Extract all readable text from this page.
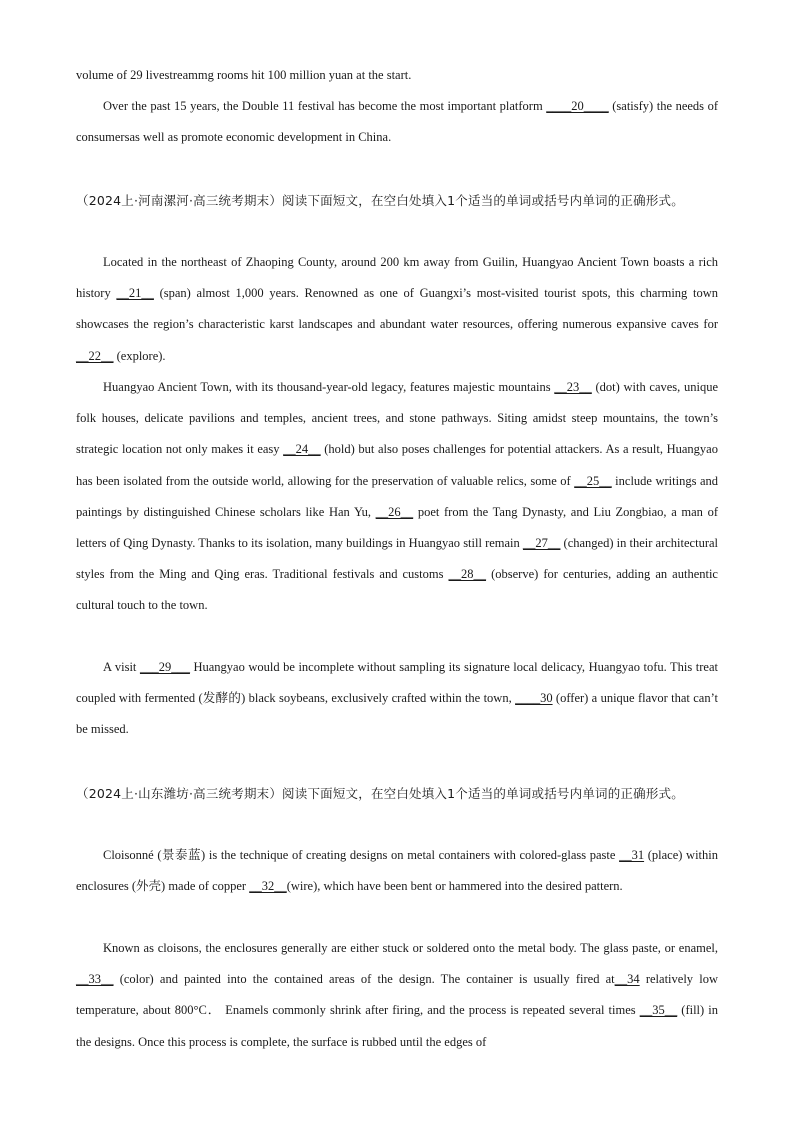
volume of 29 livestreammg rooms hit 100 million yuan at the start.
Over the past 15 years, the Double 11 festival has become the most important platform ____20____ (satisfy) the needs of consumersas well as promote economic development in China.
（2024上·河南漯河·高三统考期末）阅读下面短文，在空白处填入1个适当的单词或括号内单词的正确形式。
Located in the northeast of Zhaoping County, around 200 km away from Guilin, Huangyao Ancient Town boasts a rich history __21__ (span) almost 1,000 years. Renowned as one of Guangxi’s most-visited tourist spots, this charming town showcases the region’s characteristic karst landscapes and abundant water resources, offering numerous expansive caves for __22__ (explore).
Huangyao Ancient Town, with its thousand-year-old legacy, features majestic mountains __23__ (dot) with caves, unique folk houses, delicate pavilions and temples, ancient trees, and stone pathways. Siting amidst steep mountains, the town’s strategic location not only makes it easy __24__ (hold) but also poses challenges for potential attackers. As a result, Huangyao has been isolated from the outside world, allowing for the preservation of valuable relics, some of __25__ include writings and paintings by distinguished Chinese scholars like Han Yu, __26__ poet from the Tang Dynasty, and Liu Zongbiao, a man of letters of Qing Dynasty. Thanks to its isolation, many buildings in Huangyao still remain __27__ (changed) in their architectural styles from the Ming and Qing eras. Traditional festivals and customs __28__ (observe) for centuries, adding an authentic cultural touch to the town.
A visit ___29___ Huangyao would be incomplete without sampling its signature local delicacy, Huangyao tofu. This treat coupled with fermented (发酵的) black soybeans, exclusively crafted within the town, ____30 (offer) a unique flavor that can’t be missed.
（2024上·山东潍坊·高三统考期末）阅读下面短文，在空白处填入1个适当的单词或括号内单词的正确形式。
Cloisonné (景泰蓝) is the technique of creating designs on metal containers with colored-glass paste __31 (place) within enclosures (外壳) made of copper __32__(wire), which have been bent or hammered into the desired pattern.
Known as cloisons, the enclosures generally are either stuck or soldered onto the metal body. The glass paste, or enamel, __33__ (color) and painted into the contained areas of the design. The container is usually fired at__34 relatively low temperature, about 800°C． Enamels commonly shrink after firing, and the process is repeated several times __35__ (fill) in the designs. Once this process is complete, the surface is rubbed until the edges of
